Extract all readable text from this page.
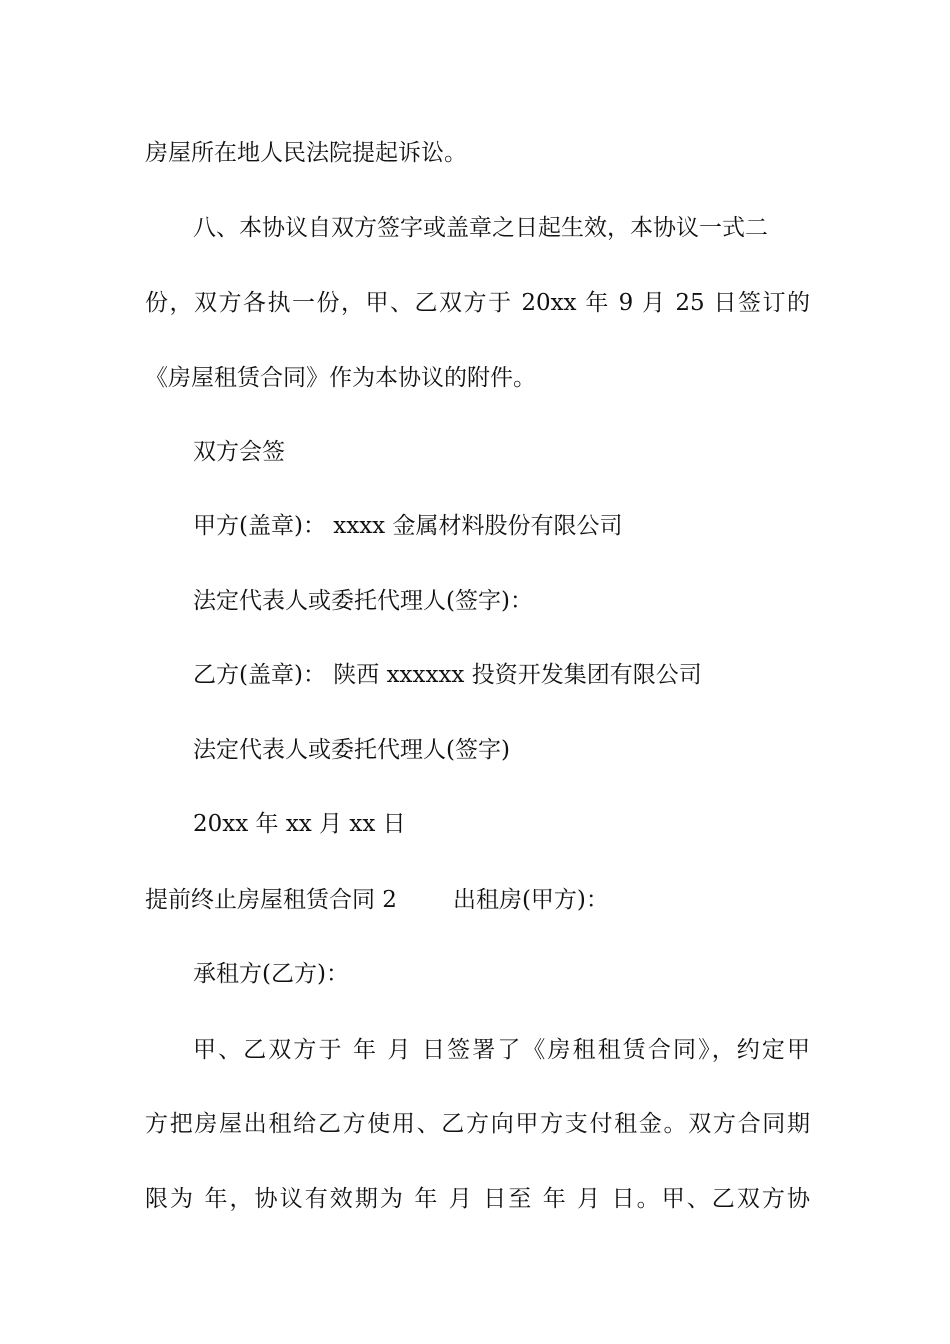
房屋所在地人民法院提起诉讼。
八、本协议自双方签字或盖章之日起生效，本协议一式二
份，双方各执一份，甲、乙双方于 20xx 年 9 月 25 日签订的
《房屋租赁合同》作为本协议的附件。
双方会签
甲方(盖章)： xxxx 金属材料股份有限公司
法定代表人或委托代理人(签字)：
乙方(盖章)： 陕西 xxxxxx 投资开发集团有限公司
法定代表人或委托代理人(签字)
20xx 年 xx 月 xx 日
提前终止房屋租赁合同 2 出租房(甲方)：
承租方(乙方)：
甲、乙双方于 年 月 日签署了《房租租赁合同》，约定甲
方把房屋出租给乙方使用、乙方向甲方支付租金。双方合同期
限为 年，协议有效期为 年 月 日至 年 月 日。甲、乙双方协
